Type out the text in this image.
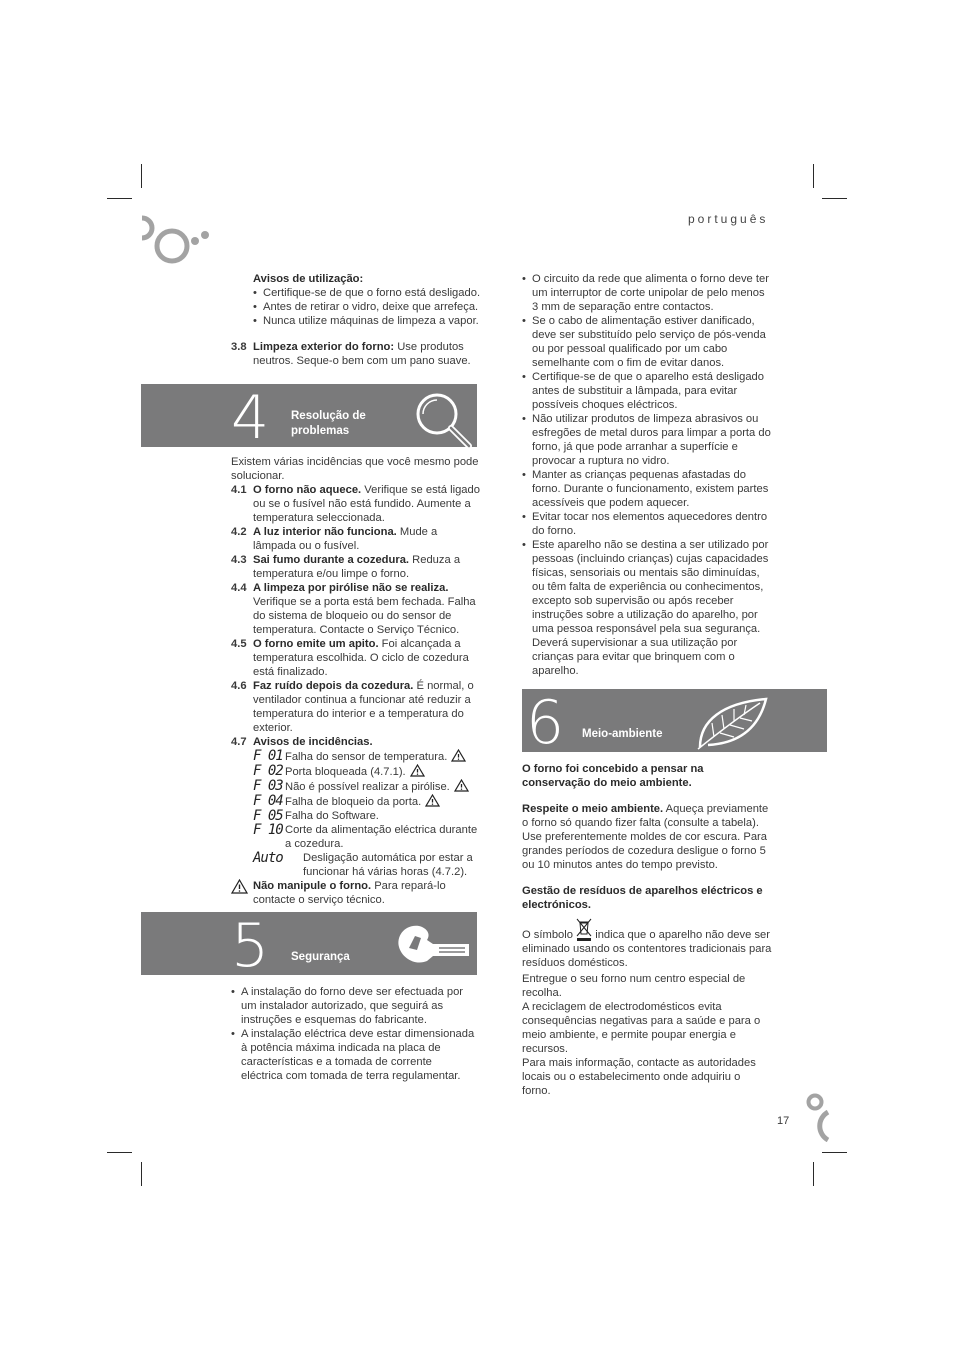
português

Avisos de utilização:

• Certifique-se de que o forno está desligado.
• Antes de retirar o vidro, deixe que arrefeça.
• Nunca utilize máquinas de limpeza a vapor.
3.8 Limpeza exterior do forno: Use produtos neutros. Seque-o bem com um pano suave.
4 Resolução de
problemas

Existem várias incidências que você mesmo pode solucionar.

4.1 O forno não aquece. Verifique se está ligado ou se o fusível não está fundido. Aumente a temperatura seleccionada.
4.2 A luz interior não funciona. Mude a lâmpada ou o fusível.
4.3 Sai fumo durante a cozedura. Reduza a temperatura e/ou limpe o forno.
4.4 A limpeza por pirólise não se realiza. Verifique se a porta está bem fechada. Falha do sistema de bloqueio ou do sensor de temperatura. Contacte o Serviço Técnico.
4.5 O forno emite um apito. Foi alcançada a temperatura escolhida. O ciclo de cozedura está finalizado.
4.6 Faz ruído depois da cozedura. É normal, o ventilador continua a funcionar até reduzir a temperatura do interior e a temperatura do exterior.
4.7 Avisos de incidências.
F 01 Falha do sensor de temperatura.
F 02 Porta bloqueada (4.7.1).
F 03 Não é possível realizar a pirólise.
F 04 Falha de bloqueio da porta.
F 05 Falha do Software.
F 10 Corte da alimentação eléctrica durante a cozedura.
Auto	Desligação automática por estar a funcionar há várias horas (4.7.2).
Não manipule o forno. Para repará-lo contacte o serviço técnico.
5 Segurança
• A instalação do forno deve ser efectuada por um instalador autorizado, que seguirá as instruções e esquemas do fabricante.
• A instalação eléctrica deve estar dimensionada à potência máxima indicada na placa de características e a tomada de corrente eléctrica com tomada de terra regulamentar.
• O circuito da rede que alimenta o forno deve ter um interruptor de corte unipolar de pelo menos 3 mm de separação entre contactos.
• Se o cabo de alimentação estiver danificado, deve ser substituído pelo serviço de pós-venda ou por pessoal qualificado por um cabo semelhante com o fim de evitar danos.
• Certifique-se de que o aparelho está desligado antes de substituir a lâmpada, para evitar possíveis choques eléctricos.
• Não utilizar produtos de limpeza abrasivos ou esfregões de metal duros para limpar a porta do forno, já que pode arranhar a superfície e provocar a ruptura no vidro.
• Manter as crianças pequenas afastadas do forno. Durante o funcionamento, existem partes acessíveis que podem aquecer.
• Evitar tocar nos elementos aquecedores dentro do forno.
• Este aparelho não se destina a ser utilizado por pessoas (incluindo crianças) cujas capacidades físicas, sensoriais ou mentais são diminuídas, ou têm falta de experiência ou conhecimentos, excepto sob supervisão ou após receber instruções sobre a utilização do aparelho, por uma pessoa responsável pela sua segurança. Deverá supervisionar a sua utilização por crianças para evitar que brinquem com o aparelho.
6 Meio-ambiente

O forno foi concebido a pensar na conservação do meio ambiente.

Respeite o meio ambiente. Aqueça previamente o forno só quando fizer falta (consulte a tabela). Use preferentemente moldes de cor escura. Para grandes períodos de cozedura desligue o forno 5 ou 10 minutos antes do tempo previsto.

Gestão de resíduos de aparelhos eléctricos e electrónicos.

O símbolo indica que o aparelho não deve ser eliminado usando os contentores tradicionais para resíduos domésticos.

Entregue o seu forno num centro especial de recolha.

A reciclagem de electrodomésticos evita consequências negativas para a saúde e para o meio ambiente, e permite poupar energia e recursos.

Para mais informação, contacte as autoridades locais ou o estabelecimento onde adquiriu o forno.

17
